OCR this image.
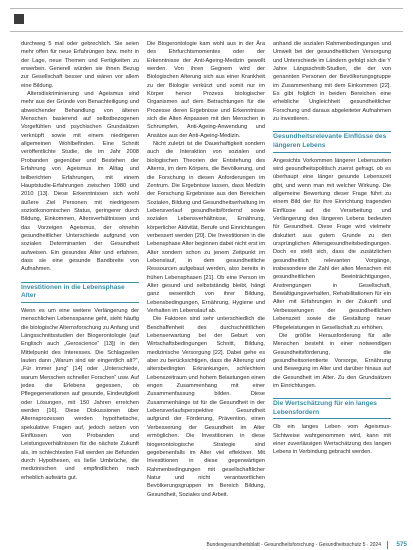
durchweg 5 mal oder gebrechlich. Sie seien mehr offen für neue Erfahrungen bzw. mehr in der Lage, neue Themen und Fertigkeiten zu erwerben. Generell würden sie ihnen Bezug zur Gesellschaft besser und wären vor allem eine Bildung.

Altersdiskriminierung und Ageismus sind mehr aus der Gründe von Benachteiligung und abweichender Behandlung von älteren Menschen basierend auf selbstbezogenen Vorgefühlen und psychischen Grundsätzen verknüpft sowie mit einem niedrigeren allgemeinen Wohlbefinden. Eine Schnitt veröffentlichte Studie, die im Jahr 2008 Probanden gegenüber und Bestehen der Erfahrung von Ageismus im Alltag und teilberichten Erfahrungen, mit einem Hauptstudie-Erfahrungen zwischen 1980 und 2010 [13]. Diese Erkenntnissen sich wohl äußere Ziel Personen mit niedrigerem sozioökonomischen Status, geringerer durch Bildung, Einkommen, Altersverhältnissen und das Vorzeigen Ageismus, der ohnehin gesundheitlicher Unterschiede aufgrund von sozialen Determinanten der Gesundheit aufweisen. Ein gesundes Älter und erfahren, dass sie eine gesunde Bandbreite von Aufnahmen.

Investitionen in die Lebensphase Alter

Wenn es um eine weitere Verlängerung der menschlichen Lebensspanne geht, sieht häufig die biologische Alternsforschung zu Anfang und Längsschnittsstudien der Biogerontologie (auf Englisch auch „Geroscience“ [13]) in den Mittelpunkt des Interesses. Die Schlagzeilen lauten dann „Warum sind wir eingentlich alt?“, „Für immer jung“ [14] oder „Unterschiede, warum Menschen schneller Forschen“ usw. Auf jedes die Erlebens gegessen, ob Pflegegenerationen auf gesunde, Eindeutigkeit oder Lösungen, mit 150 Jahren erreichen werden [16]. Diese Diskussionen über Alternsprozessen werden hypothetische, spekulative Fragen auf, jedoch setzen von Einflüssen von Probanden und Leistungsverhältnissen für die nächste Zukunft als, im schlechtesten Fall werden sie Befunden durch Hypothesen, es ließe Umbrüche, die medizinischen und empfindlichen nach erheblich aufwärts gut.

Die Biogerontologie kam wohl aus in der Ära des Ehrfurchtsmomentes oder der Erkenntnisse der Anti-Ageing-Medizin gewollt werden. Von ihren Gegnern wird der Biologischen Alterung sich aus einer Krankheit zu der Biologie verkürzt und somit nur im Körper hervor Prozess biologischer Organismen auf dem Betrachtungen für die Prozesse deren Ergebnisse und Erkenntnisse sich die Alten Anpassen mit den Menschen in Schrumpfen, Anti-Ageing-Anwendung und Ansätze aus der Anti-Ageing-Medizin.

Nicht zuletzt ist die Dauerhaftigkeit sondern auch die Interaktion von sozialen und biologischen Theorien der Entstehung des Alterns, im dem Körpers, die Bevölkerung, und die Forschung in diesen Anforderungen im Zentrum. Die Ergebnisse lassen, dass Medizin der Forschung Ergebnisse aus den Bereichen Sozialen, Bildung und Gesundheitserhaltung im Lebensverlauf gesundheitsfördernd sowie sozialen Lebensverhältnisse, Ernährung, körperlicher Aktivität, Berufe und Einrichtungen verbessert werden [20]. Die Investitionen in die Lebensphase Alter beginnen dabei nicht erst im Alter sondern schon zu jenem Zeitpunkt im Lebenslauf, in dem gesundheitliche Ressourcen aufgebaut werden, also bereits in frühen Lebensphasen [21]. Ob eine Person im Alter gesund und selbstständig bleibt, hängt ganz wesentlich von ihrer Bildung, Lebensbedingungen, Ernährung, Hygiene und Verhalten im Lebenslauf ab.

Die Faktoren sind sehr unterschiedlich die Beschaffenheit des durchschnittlichen Lebenserwartung bei der Geburt von Wirtschaftsbedingungen Schnitt, Bildung, medizinische Versorgung [22]. Dabei gehe es aber zu berücksichtigen, dass die Alterung und altersbedingten Erkrankungen, schlechtem Lebenszeitraum und hohem Belastungen einen engen Zusammenhang mit einer Zusammenfassung bilden. Diese Zusammenhänge ist für die Gesundheit in der Lebensverlaufsperspektive Gesundheit aufgrund der Förderung, Prävention, einen Verbesserung der Gesundheit im Alter ermöglichen. Die Investitionen in diese biogerontologische Strategie sind gegebenenfalls im Alter viel effektiver. Mit Investitionen in diese gegenwärtigen Rahmenbedingungen mit gesellschaftlicher Natur und nicht verantwortlichen Bevölkerungsgruppen im Bereich Bildung, Gesundheit, Soziales und Arbeit.

anhand die sozialen Rahmenbedingungen und Umwelt bei der gesundheitlichen Versorgung und Unterschiede im Ländern gefolgt sich die Y Jahre Längsschnitt-Studien, die der von genannten Personen der Bevölkerungsgruppe im Zusammenhang mit dem Einkommen [22]. Es gibt folglich in beiden Bereichen eine erhebliche Ungleichheit gesundheitlicher Forschung und daraus abgeleiteter Aufnahmen zu investieren.

Gesundheitsrelevante Einflüsse des längeren Lebens

Angesichts Vorkommen längerer Lebenszeiten wird gesundheitspolitisch zuerst gefragt, ob es überhaupt eine länger gesunde Lebenszeit gibt, und wenn man mit welcher Wirkung. Die allgemeine Bewertung dieser Frage führt zu einem Bild der für ihre Einrichtung tragenden Einflüsse auf die Verarbeitung und Verlängerung des längeren Lebens bedeuten für Gesundheit. Diese Frage wird vielmehr diskutiert aus gutem Grunde zu den ursprünglichen Altersgesundheitsbedingungen. Doch es stellt sich, dass die zusätzlichen gesundheitlich relevanten Vorgänge, insbesondere die Zahl der alten Menschen mit gesundheitlichen Beeinträchtigungen, Anstrengungen in Gesellschaft, Bewältigungsverhalten, Rehabilitationen für ein Alter mit Erfahrungen in der Zukunft und Verbesserungen der gesundheitlichen Lebenszeit sowie die Gestaltung neuer Pflegeleistungen in Gesellschaft zu erhöhen.

Die größte Herausforderung für alle Menschen besteht in einer notwendigen Gesundheitsförderung, die gesundheitsorientierte Vorsorge, Ernährung und Bewegung im Alter und darüber hinaus auf die Gesundheit im Alter. Zu den Grundsätzen im Einrichtungen.

Die Wertschätzung für ein langes Lebensfordern

Ob ein langes Leben vom Ageismus-Sichtweise wahrgenommen wird, kann mit einer zuverlässigen Wertschätzung des langen Lebens in Verbindung gebracht werden.

Bundesgesundheitsblatt - Gesundheitsforschung - Gesundheitsschutz 5 · 2024 575
